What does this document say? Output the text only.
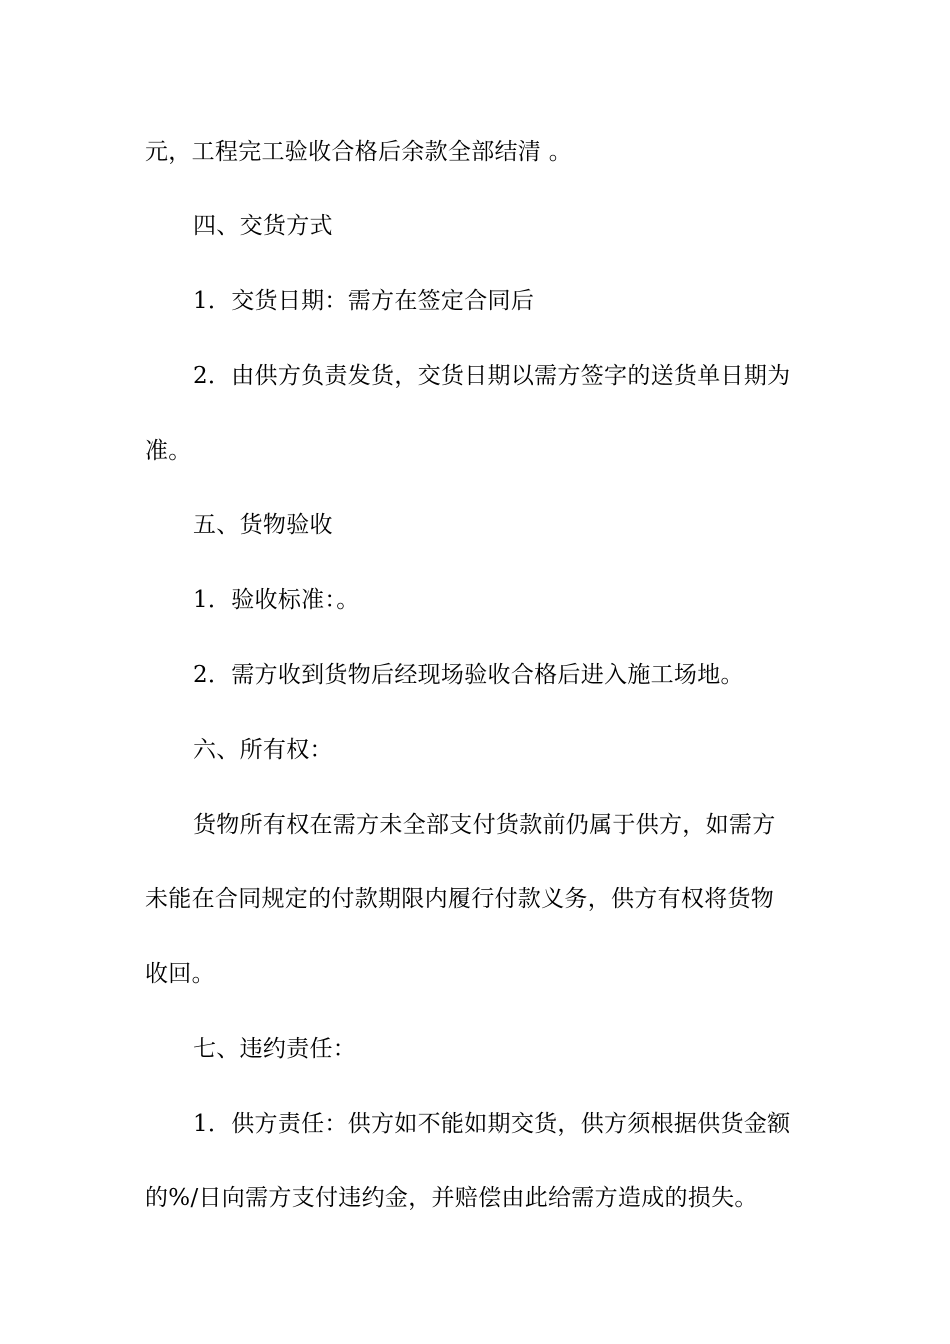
元，工程完工验收合格后余款全部结清 。
四、交货方式
1．交货日期：需方在签定合同后
2．由供方负责发货，交货日期以需方签字的送货单日期为
准。
五、货物验收
1．验收标准：。
2．需方收到货物后经现场验收合格后进入施工场地。
六、所有权：
货物所有权在需方未全部支付货款前仍属于供方，如需方
未能在合同规定的付款期限内履行付款义务，供方有权将货物
收回。
七、违约责任：
1．供方责任：供方如不能如期交货，供方须根据供货金额
的%/日向需方支付违约金，并赔偿由此给需方造成的损失。
